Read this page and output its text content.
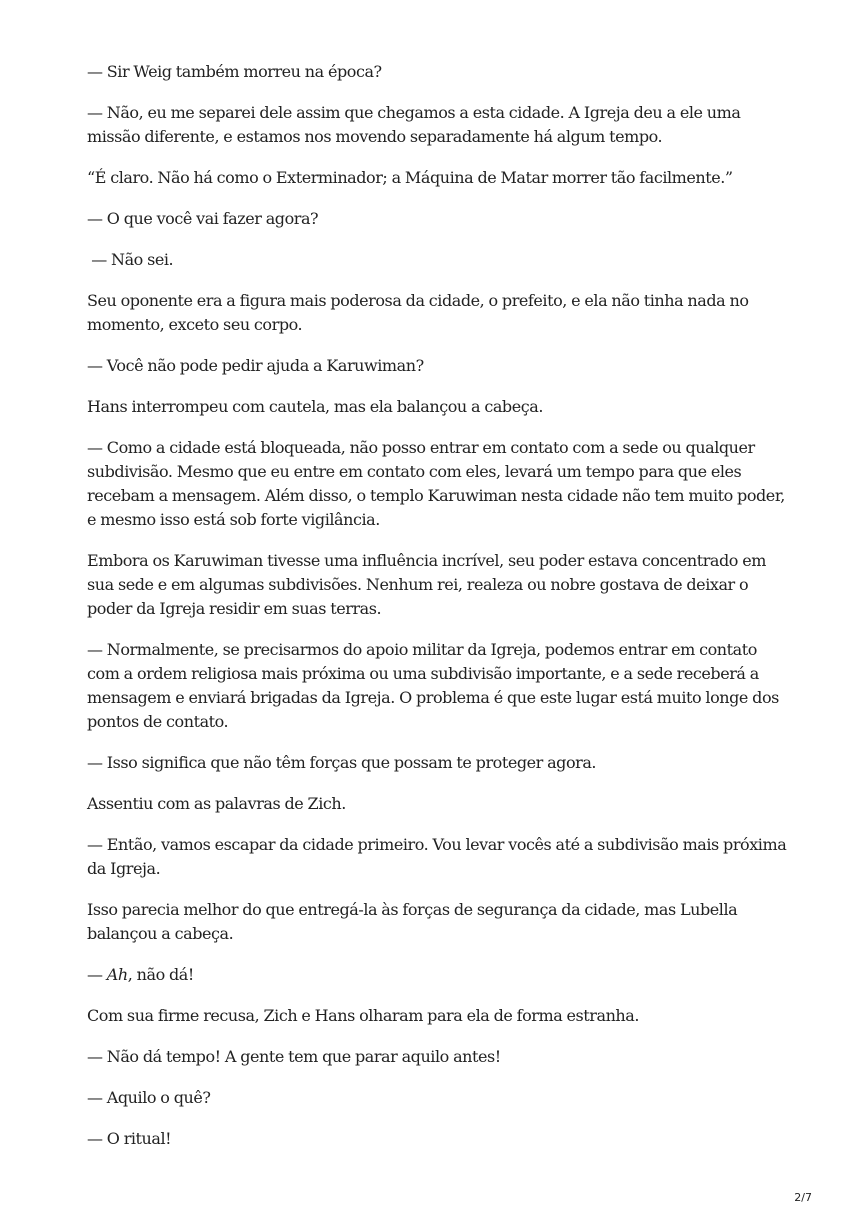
— Sir Weig também morreu na época?

— Não, eu me separei dele assim que chegamos a esta cidade. A Igreja deu a ele uma missão diferente, e estamos nos movendo separadamente há algum tempo.

“É claro. Não há como o Exterminador; a Máquina de Matar morrer tão facilmente.”

— O que você vai fazer agora?

— Não sei.

Seu oponente era a figura mais poderosa da cidade, o prefeito, e ela não tinha nada no momento, exceto seu corpo.

— Você não pode pedir ajuda a Karuwiman?

Hans interrompeu com cautela, mas ela balançou a cabeça.

— Como a cidade está bloqueada, não posso entrar em contato com a sede ou qualquer subdivisão. Mesmo que eu entre em contato com eles, levará um tempo para que eles recebam a mensagem. Além disso, o templo Karuwiman nesta cidade não tem muito poder, e mesmo isso está sob forte vigilância.

Embora os Karuwiman tivesse uma influência incrível, seu poder estava concentrado em sua sede e em algumas subdivisões. Nenhum rei, realeza ou nobre gostava de deixar o poder da Igreja residir em suas terras.

— Normalmente, se precisarmos do apoio militar da Igreja, podemos entrar em contato com a ordem religiosa mais próxima ou uma subdivisão importante, e a sede receberá a mensagem e enviará brigadas da Igreja. O problema é que este lugar está muito longe dos pontos de contato.

— Isso significa que não têm forças que possam te proteger agora.

Assentiu com as palavras de Zich.

— Então, vamos escapar da cidade primeiro. Vou levar vocês até a subdivisão mais próxima da Igreja.

Isso parecia melhor do que entregá-la às forças de segurança da cidade, mas Lubella balançou a cabeça.

— Ah, não dá!

Com sua firme recusa, Zich e Hans olharam para ela de forma estranha.

— Não dá tempo! A gente tem que parar aquilo antes!

— Aquilo o quê?

— O ritual!

2/7
